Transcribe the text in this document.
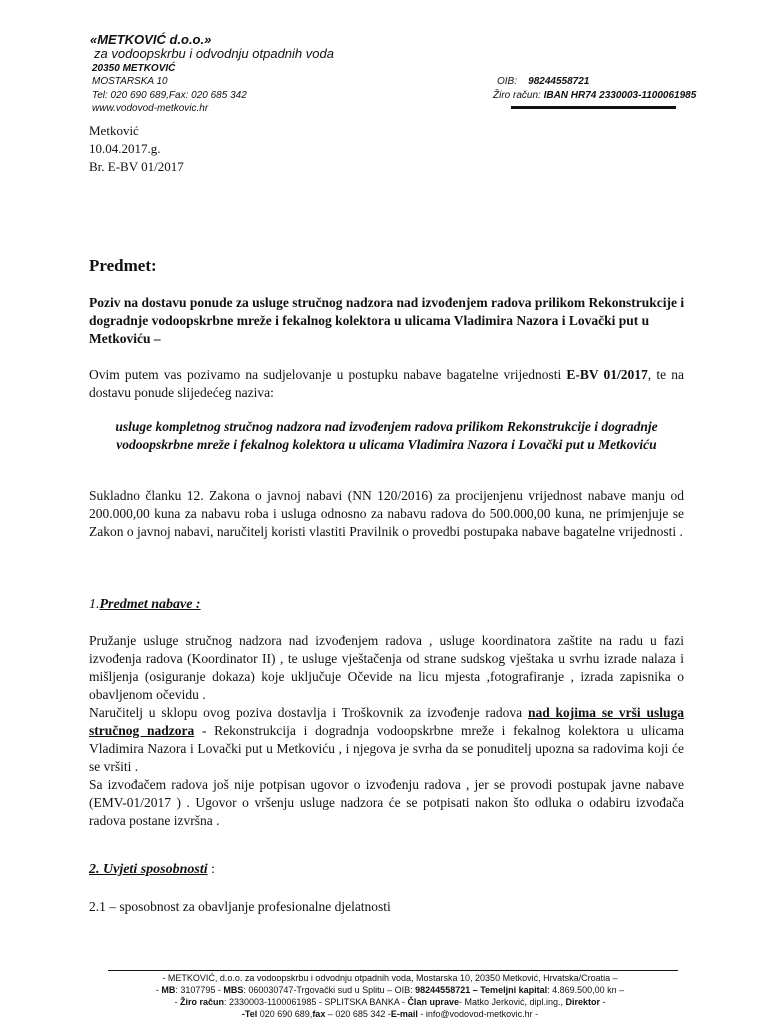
«METKOVIĆ d.o.o.»
za vodoopskrbu i odvodnju otpadnih voda
20350 METKOVIĆ
MOSTARSKA 10
Tel: 020 690 689,Fax: 020 685 342
www.vodovod-metkovic.hr
OIB: 98244558721
Žiro račun: IBAN HR74 2330003-1100061985
Metković
10.04.2017.g.
Br. E-BV 01/2017
Predmet:
Poziv na dostavu ponude za usluge stručnog nadzora nad izvođenjem radova prilikom Rekonstrukcije i dogradnje vodoopskrbne mreže i fekalnog kolektora u ulicama Vladimira Nazora i Lovački put u Metkoviću –
Ovim putem vas pozivamo na sudjelovanje u postupku nabave bagatelne vrijednosti E-BV 01/2017, te na dostavu ponude slijedećeg naziva:
usluge kompletnog stručnog nadzora nad izvođenjem radova prilikom Rekonstrukcije i dogradnje vodoopskrbne mreže i fekalnog kolektora u ulicama Vladimira Nazora i Lovački put u Metkoviću
Sukladno članku 12. Zakona o javnoj nabavi (NN 120/2016) za procijenjenu vrijednost nabave manju od 200.000,00 kuna za nabavu roba i usluga odnosno za nabavu radova do 500.000,00 kuna, ne primjenjuje se Zakon o javnoj nabavi, naručitelj koristi vlastiti Pravilnik o provedbi postupaka nabave bagatelne vrijednosti .
1.Predmet nabave :
Pružanje usluge stručnog nadzora nad izvođenjem radova , usluge koordinatora zaštite na radu u fazi izvođenja radova (Koordinator II) , te usluge vještačenja od strane sudskog vještaka u svrhu izrade nalaza i mišljenja (osiguranje dokaza) koje uključuje Očevide na licu mjesta ,fotografiranje , izrada zapisnika o obavljenom očevidu .
Naručitelj u sklopu ovog poziva dostavlja i Troškovnik za izvođenje radova nad kojima se vrši usluga stručnog nadzora - Rekonstrukcija i dogradnja vodoopskrbne mreže i fekalnog kolektora u ulicama Vladimira Nazora i Lovački put u Metkoviću , i njegova je svrha da se ponuditelj upozna sa radovima koji će se vršiti .
Sa izvođačem radova još nije potpisan ugovor o izvođenju radova , jer se provodi postupak javne nabave (EMV-01/2017 ) . Ugovor o vršenju usluge nadzora će se potpisati nakon što odluka o odabiru izvođača radova postane izvršna .
2. Uvjeti sposobnosti :
2.1 – sposobnost za obavljanje profesionalne djelatnosti
- METKOVIĆ, d.o.o. za vodoopskrbu i odvodnju otpadnih voda, Mostarska 10, 20350 Metković, Hrvatska/Croatia –
- MB: 3107795 - MBS: 060030747-Trgovački sud u Splitu – OIB: 98244558721 – Temeljni kapital: 4.869.500,00 kn –
- Žiro račun: 2330003-1100061985 - SPLITSKA BANKA - Član uprave- Matko Jerković, dipl.ing., Direktor -
-Tel 020 690 689,fax – 020 685 342 -E-mail - info@vodovod-metkovic.hr -
